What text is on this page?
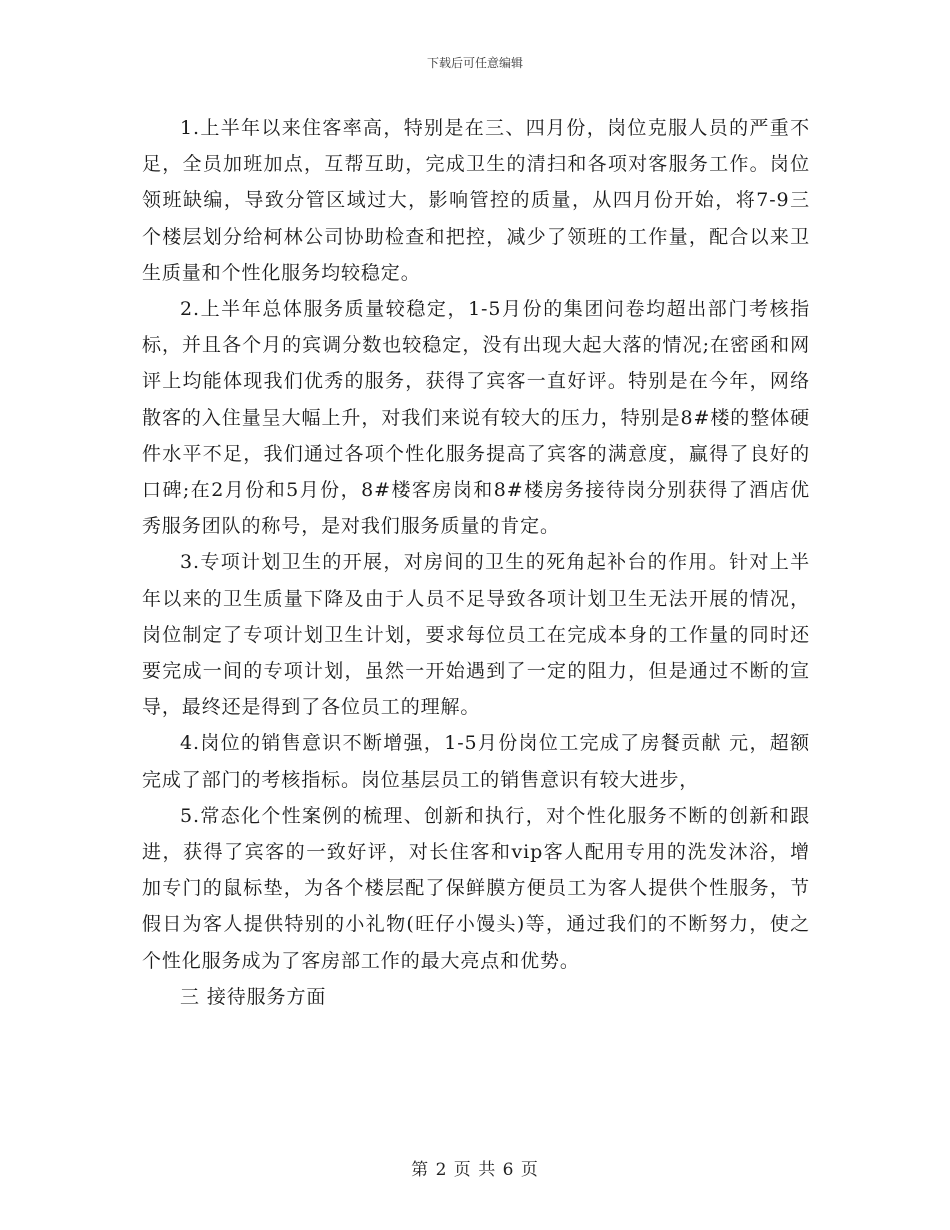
下载后可任意编辑

1.上半年以来住客率高，特别是在三、四月份，岗位克服人员的严重不足，全员加班加点，互帮互助，完成卫生的清扫和各项对客服务工作。岗位领班缺编，导致分管区域过大，影响管控的质量，从四月份开始，将7-9三个楼层划分给柯林公司协助检查和把控，减少了领班的工作量，配合以来卫生质量和个性化服务均较稳定。

2.上半年总体服务质量较稳定，1-5月份的集团问卷均超出部门考核指标，并且各个月的宾调分数也较稳定，没有出现大起大落的情况;在密函和网评上均能体现我们优秀的服务，获得了宾客一直好评。特别是在今年，网络散客的入住量呈大幅上升，对我们来说有较大的压力，特别是8#楼的整体硬件水平不足，我们通过各项个性化服务提高了宾客的满意度，赢得了良好的口碑;在2月份和5月份，8#楼客房岗和8#楼房务接待岗分别获得了酒店优秀服务团队的称号，是对我们服务质量的肯定。

3.专项计划卫生的开展，对房间的卫生的死角起补台的作用。针对上半年以来的卫生质量下降及由于人员不足导致各项计划卫生无法开展的情况，岗位制定了专项计划卫生计划，要求每位员工在完成本身的工作量的同时还要完成一间的专项计划，虽然一开始遇到了一定的阻力，但是通过不断的宣导，最终还是得到了各位员工的理解。

4.岗位的销售意识不断增强，1-5月份岗位工完成了房餐贡献 元，超额完成了部门的考核指标。岗位基层员工的销售意识有较大进步，

5.常态化个性案例的梳理、创新和执行，对个性化服务不断的创新和跟进，获得了宾客的一致好评，对长住客和vip客人配用专用的洗发沐浴，增加专门的鼠标垫，为各个楼层配了保鲜膜方便员工为客人提供个性服务，节假日为客人提供特别的小礼物(旺仔小馒头)等，通过我们的不断努力，使之个性化服务成为了客房部工作的最大亮点和优势。

三 接待服务方面

第 2 页 共 6 页
